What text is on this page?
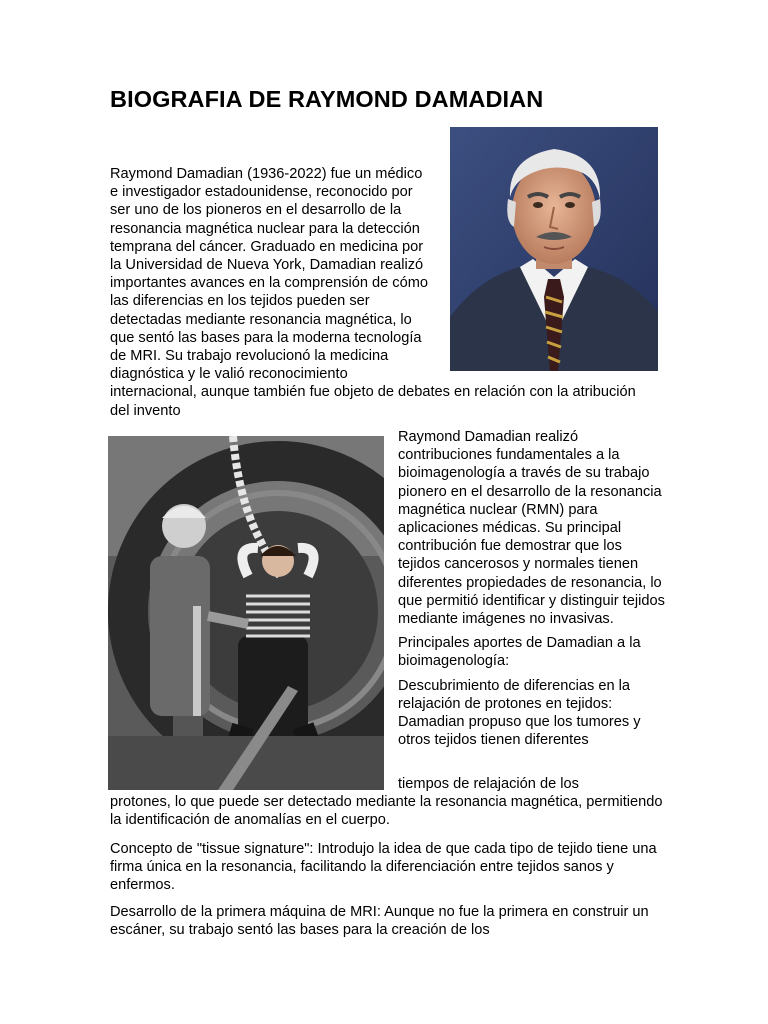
BIOGRAFIA DE RAYMOND DAMADIAN
Raymond Damadian (1936-2022) fue un médico e investigador estadounidense, reconocido por ser uno de los pioneros en el desarrollo de la resonancia magnética nuclear para la detección temprana del cáncer. Graduado en medicina por la Universidad de Nueva York, Damadian realizó importantes avances en la comprensión de cómo las diferencias en los tejidos pueden ser detectadas mediante resonancia magnética, lo que sentó las bases para la moderna tecnología de MRI. Su trabajo revolucionó la medicina diagnóstica y le valió reconocimiento internacional, aunque también fue objeto de debates en relación con la atribución del invento

Raymond Damadian realizó contribuciones fundamentales a la bioimagenología a través de su trabajo pionero en el desarrollo de la resonancia magnética nuclear (RMN) para aplicaciones médicas. Su principal contribución fue demostrar que los tejidos cancerosos y normales tienen diferentes propiedades de resonancia, lo que permitió identificar y distinguir tejidos mediante imágenes no invasivas.

Principales aportes de Damadian a la bioimagenología:

Descubrimiento de diferencias en la relajación de protones en tejidos: Damadian propuso que los tumores y otros tejidos tienen diferentes

tiempos de relajación de los

protones, lo que puede ser detectado mediante la resonancia magnética, permitiendo la identificación de anomalías en el cuerpo.

Concepto de "tissue signature": Introdujo la idea de que cada tipo de tejido tiene una firma única en la resonancia, facilitando la diferenciación entre tejidos sanos y enfermos.

Desarrollo de la primera máquina de MRI: Aunque no fue la primera en construir un escáner, su trabajo sentó las bases para la creación de los
